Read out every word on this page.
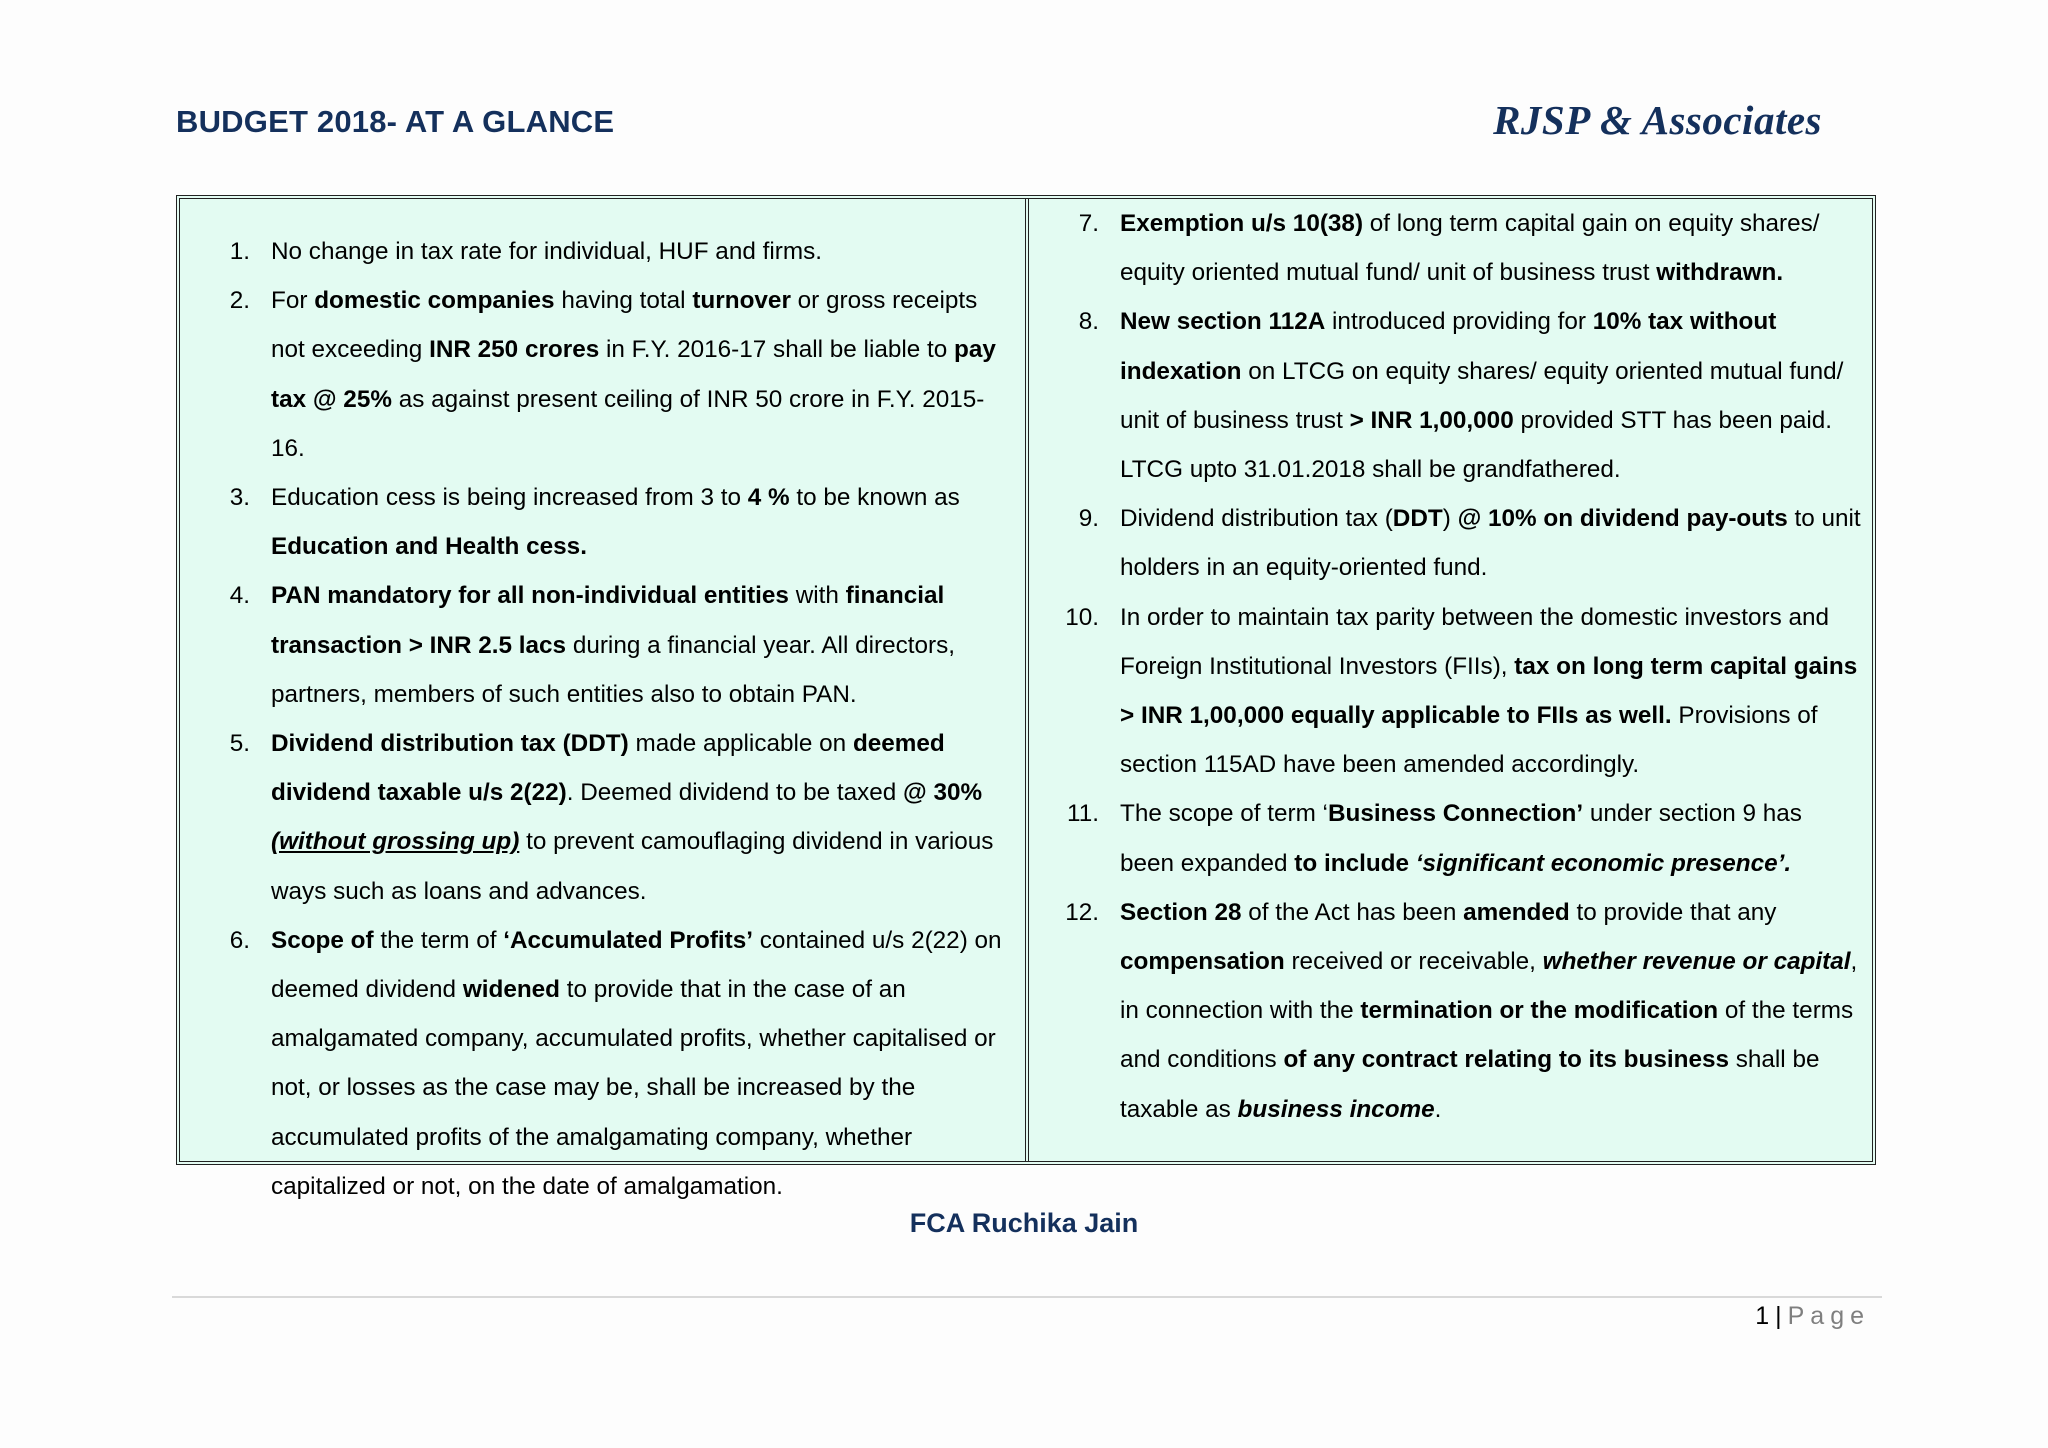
BUDGET 2018- AT A GLANCE	RJSP & Associates
1. No change in tax rate for individual, HUF and firms.
2. For domestic companies having total turnover or gross receipts not exceeding INR 250 crores in F.Y. 2016-17 shall be liable to pay tax @ 25% as against present ceiling of INR 50 crore in F.Y. 2015-16.
3. Education cess is being increased from 3 to 4 % to be known as Education and Health cess.
4. PAN mandatory for all non-individual entities with financial transaction > INR 2.5 lacs during a financial year. All directors, partners, members of such entities also to obtain PAN.
5. Dividend distribution tax (DDT) made applicable on deemed dividend taxable u/s 2(22). Deemed dividend to be taxed @ 30% (without grossing up) to prevent camouflaging dividend in various ways such as loans and advances.
6. Scope of the term of ‘Accumulated Profits’ contained u/s 2(22) on deemed dividend widened to provide that in the case of an amalgamated company, accumulated profits, whether capitalised or not, or losses as the case may be, shall be increased by the accumulated profits of the amalgamating company, whether capitalized or not, on the date of amalgamation.
7. Exemption u/s 10(38) of long term capital gain on equity shares/ equity oriented mutual fund/ unit of business trust withdrawn.
8. New section 112A introduced providing for 10% tax without indexation on LTCG on equity shares/ equity oriented mutual fund/ unit of business trust > INR 1,00,000 provided STT has been paid. LTCG upto 31.01.2018 shall be grandfathered.
9. Dividend distribution tax (DDT) @ 10% on dividend pay-outs to unit holders in an equity-oriented fund.
10. In order to maintain tax parity between the domestic investors and Foreign Institutional Investors (FIIs), tax on long term capital gains > INR 1,00,000 equally applicable to FIIs as well. Provisions of section 115AD have been amended accordingly.
11. The scope of term ‘Business Connection’ under section 9 has been expanded to include ‘significant economic presence’.
12. Section 28 of the Act has been amended to provide that any compensation received or receivable, whether revenue or capital, in connection with the termination or the modification of the terms and conditions of any contract relating to its business shall be taxable as business income.
FCA Ruchika Jain
1 | Page
